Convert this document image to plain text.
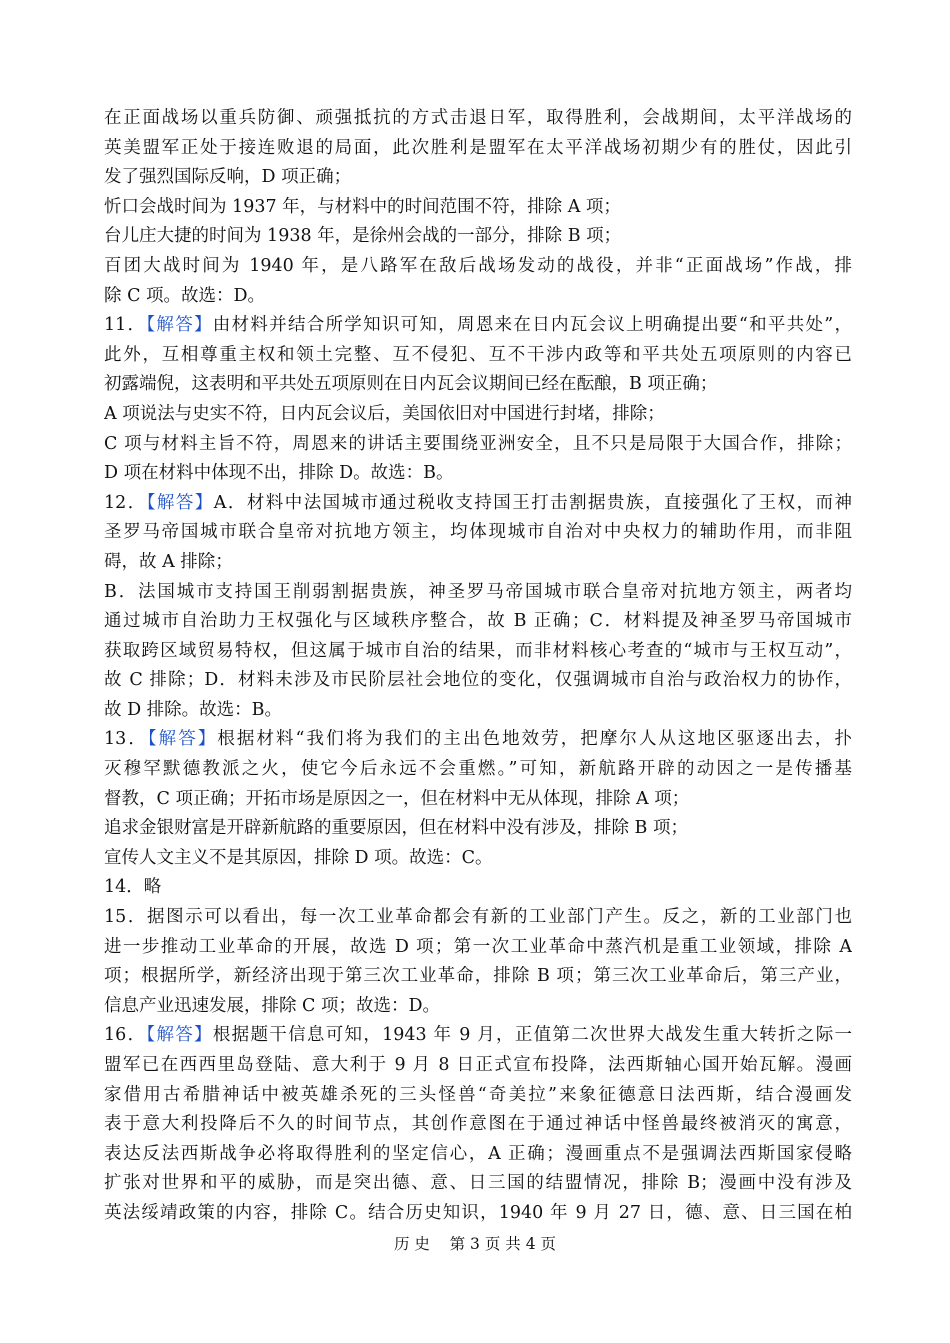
在正面战场以重兵防御、顽强抵抗的方式击退日军，取得胜利，会战期间，太平洋战场的
英美盟军正处于接连败退的局面，此次胜利是盟军在太平洋战场初期少有的胜仗，因此引
发了强烈国际反响，D 项正确；
忻口会战时间为 1937 年，与材料中的时间范围不符，排除 A 项；
台儿庄大捷的时间为 1938 年，是徐州会战的一部分，排除 B 项；
百团大战时间为 1940 年，是八路军在敌后战场发动的战役，并非“正面战场”作战，排
除 C 项。故选：D。
11．【解答】由材料并结合所学知识可知，周恩来在日内瓦会议上明确提出要“和平共处”，
此外，互相尊重主权和领土完整、互不侵犯、互不干涉内政等和平共处五项原则的内容已
初露端倪，这表明和平共处五项原则在日内瓦会议期间已经在酝酿，B 项正确；
A 项说法与史实不符，日内瓦会议后，美国依旧对中国进行封堵，排除；
C 项与材料主旨不符，周恩来的讲话主要围绕亚洲安全，且不只是局限于大国合作，排除；
D 项在材料中体现不出，排除 D。故选：B。
12．【解答】A．材料中法国城市通过税收支持国王打击割据贵族，直接强化了王权，而神
圣罗马帝国城市联合皇帝对抗地方领主，均体现城市自治对中央权力的辅助作用，而非阻
碍，故 A 排除；
B．法国城市支持国王削弱割据贵族，神圣罗马帝国城市联合皇帝对抗地方领主，两者均
通过城市自治助力王权强化与区域秩序整合，故 B 正确；C．材料提及神圣罗马帝国城市
获取跨区域贸易特权，但这属于城市自治的结果，而非材料核心考查的“城市与王权互动”，
故 C 排除；D．材料未涉及市民阶层社会地位的变化，仅强调城市自治与政治权力的协作，
故 D 排除。故选：B。
13．【解答】根据材料“我们将为我们的主出色地效劳，把摩尔人从这地区驱逐出去，扑
灭穆罕默德教派之火，使它今后永远不会重燃。”可知，新航路开辟的动因之一是传播基
督教，C 项正确；开拓市场是原因之一，但在材料中无从体现，排除 A 项；
追求金银财富是开辟新航路的重要原因，但在材料中没有涉及，排除 B 项；
宣传人文主义不是其原因，排除 D 项。故选：C。
14．略
15．据图示可以看出，每一次工业革命都会有新的工业部门产生。反之，新的工业部门也
进一步推动工业革命的开展，故选 D 项；第一次工业革命中蒸汽机是重工业领域，排除 A
项；根据所学，新经济出现于第三次工业革命，排除 B 项；第三次工业革命后，第三产业，
信息产业迅速发展，排除 C 项；故选：D。
16．【解答】根据题干信息可知，1943 年 9 月，正值第二次世界大战发生重大转折之际一
盟军已在西西里岛登陆、意大利于 9 月 8 日正式宣布投降，法西斯轴心国开始瓦解。漫画
家借用古希腊神话中被英雄杀死的三头怪兽“奇美拉”来象征德意日法西斯，结合漫画发
表于意大利投降后不久的时间节点，其创作意图在于通过神话中怪兽最终被消灭的寓意，
表达反法西斯战争必将取得胜利的坚定信心，A 正确；漫画重点不是强调法西斯国家侵略
扩张对世界和平的威胁，而是突出德、意、日三国的结盟情况，排除 B；漫画中没有涉及
英法绥靖政策的内容，排除 C。结合历史知识，1940 年 9 月 27 日，德、意、日三国在柏
历 史    第 3 页 共 4 页
